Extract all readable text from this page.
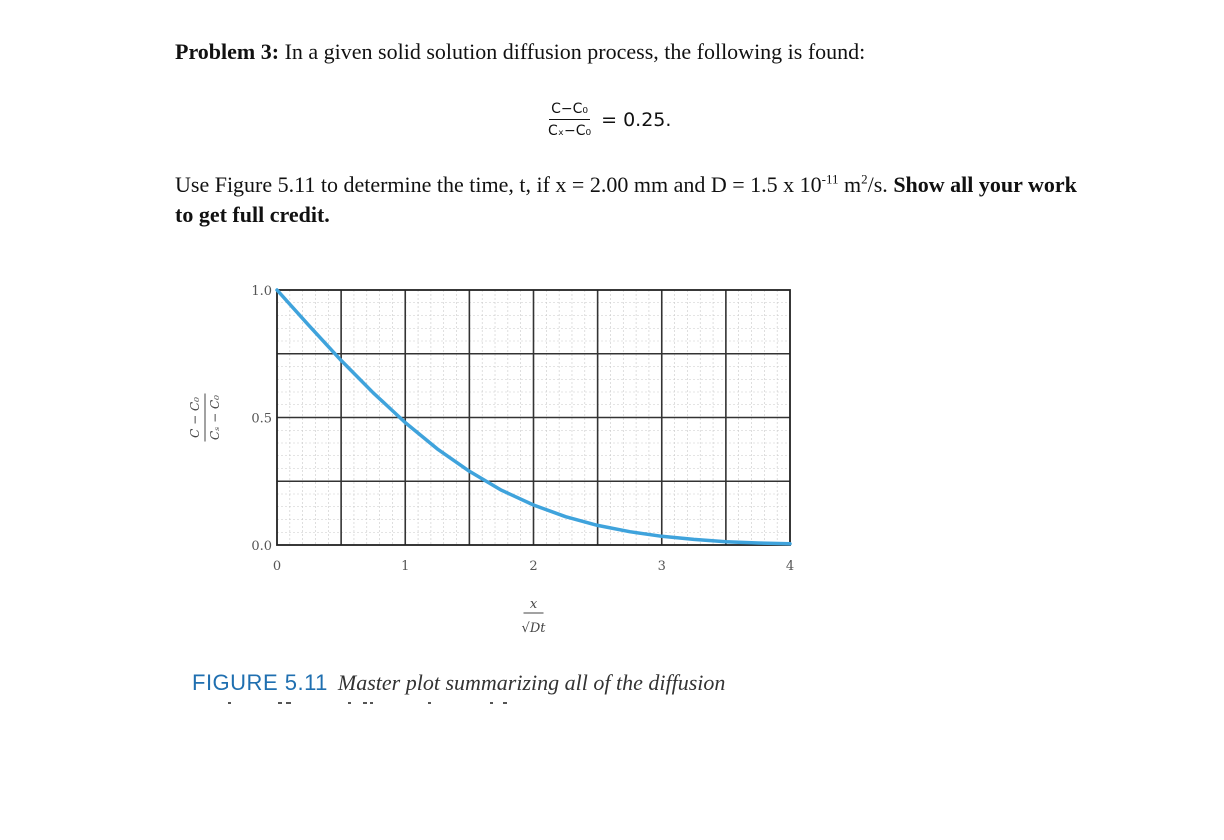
Problem 3: In a given solid solution diffusion process, the following is found:
$\frac{\text{C−C₀}}{\text{Cₓ−C₀}} = 0.25$.
Use Figure 5.11 to determine the time, t, if x = 2.00 mm and D = 1.5 x $10^{-11}$ $m^2/s$. Show all your work to get full credit.
0	1	2	3	4
0.0
0.5
1.0
x
√Dt
C − C₀ Cₛ − C₀
FIGURE 5.11 Master plot summarizing all of the diffusion
